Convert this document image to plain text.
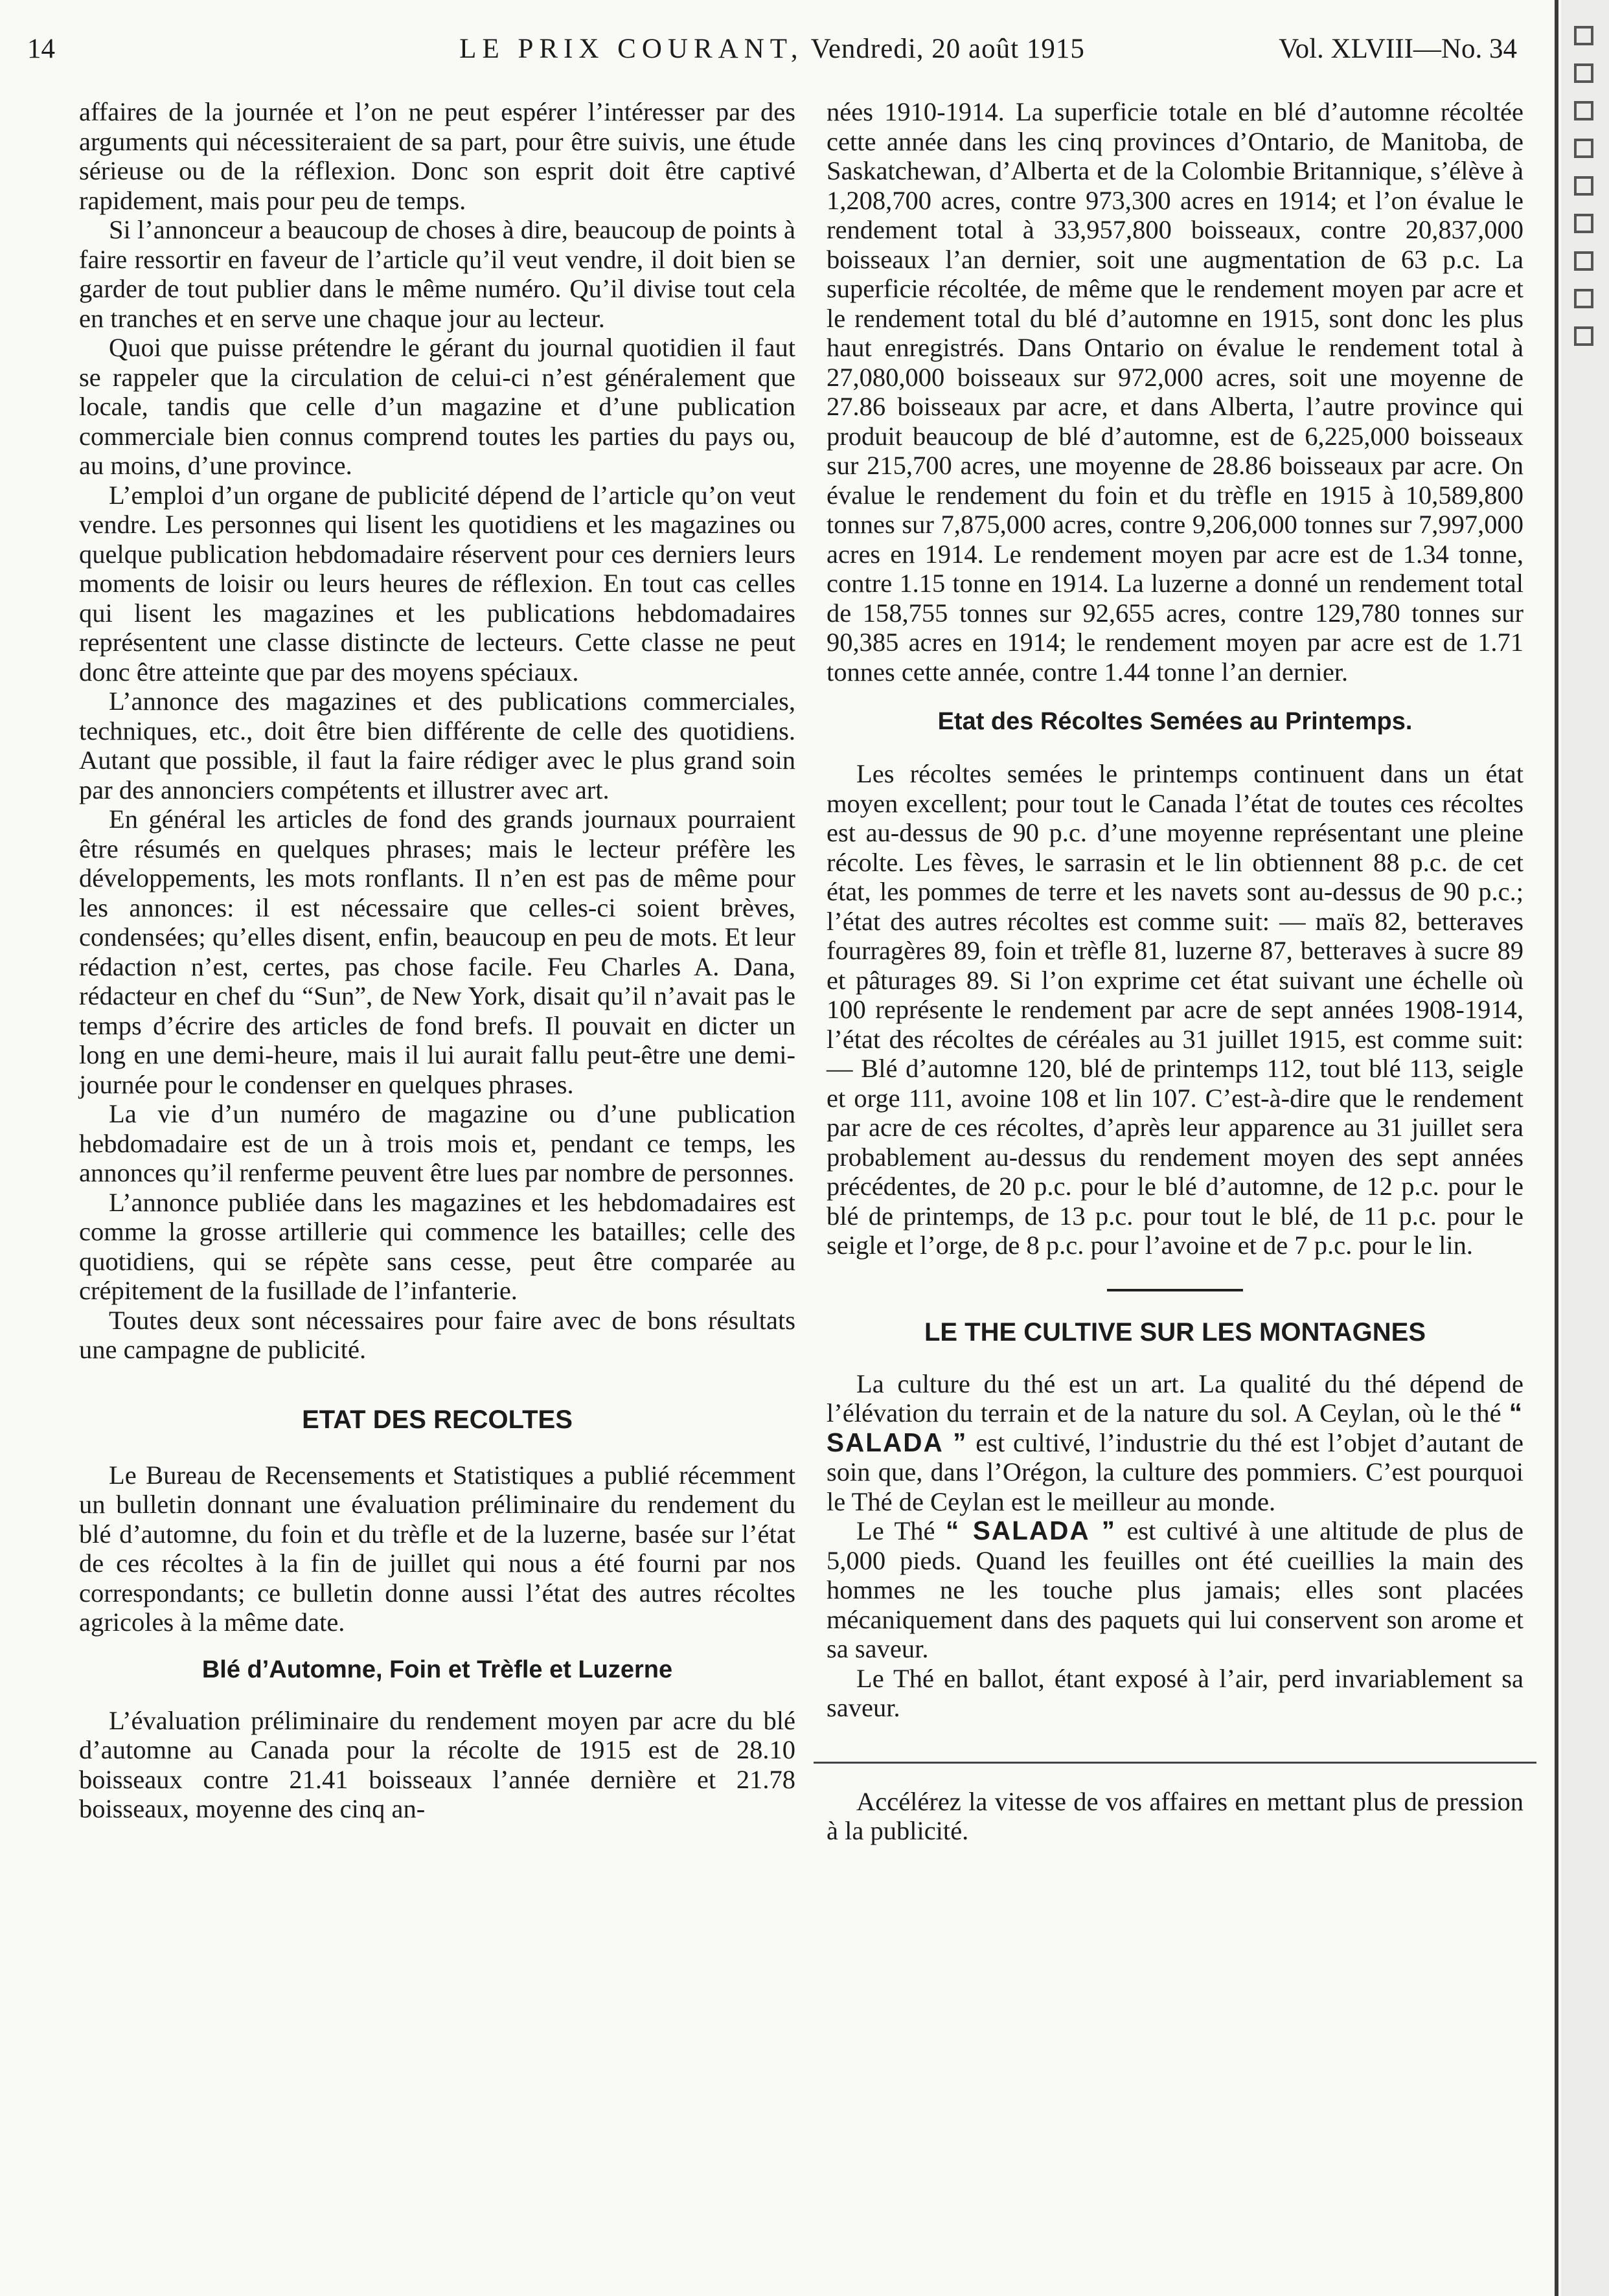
14	LE PRIX COURANT, Vendredi, 20 août 1915	Vol. XLVIII—No. 34

affaires de la journée et l’on ne peut espérer l’intéresser par des arguments qui nécessiteraient de sa part, pour être suivis, une étude sérieuse ou de la réflexion. Donc son esprit doit être captivé rapidement, mais pour peu de temps.

Si l’annonceur a beaucoup de choses à dire, beaucoup de points à faire ressortir en faveur de l’article qu’il veut vendre, il doit bien se garder de tout publier dans le même numéro. Qu’il divise tout cela en tranches et en serve une chaque jour au lecteur.

Quoi que puisse prétendre le gérant du journal quotidien il faut se rappeler que la circulation de celui-ci n’est généralement que locale, tandis que celle d’un magazine et d’une publication commerciale bien connus comprend toutes les parties du pays ou, au moins, d’une province.

L’emploi d’un organe de publicité dépend de l’article qu’on veut vendre. Les personnes qui lisent les quotidiens et les magazines ou quelque publication hebdomadaire réservent pour ces derniers leurs moments de loisir ou leurs heures de réflexion. En tout cas celles qui lisent les magazines et les publications hebdomadaires représentent une classe distincte de lecteurs. Cette classe ne peut donc être atteinte que par des moyens spéciaux.

L’annonce des magazines et des publications commerciales, techniques, etc., doit être bien différente de celle des quotidiens. Autant que possible, il faut la faire rédiger avec le plus grand soin par des annonciers compétents et illustrer avec art.

En général les articles de fond des grands journaux pourraient être résumés en quelques phrases; mais le lecteur préfère les développements, les mots ronflants. Il n’en est pas de même pour les annonces: il est nécessaire que celles-ci soient brèves, condensées; qu’elles disent, enfin, beaucoup en peu de mots. Et leur rédaction n’est, certes, pas chose facile. Feu Charles A. Dana, rédacteur en chef du “Sun”, de New York, disait qu’il n’avait pas le temps d’écrire des articles de fond brefs. Il pouvait en dicter un long en une demi-heure, mais il lui aurait fallu peut-être une demi-journée pour le condenser en quelques phrases.

La vie d’un numéro de magazine ou d’une publication hebdomadaire est de un à trois mois et, pendant ce temps, les annonces qu’il renferme peuvent être lues par nombre de personnes.

L’annonce publiée dans les magazines et les hebdomadaires est comme la grosse artillerie qui commence les batailles; celle des quotidiens, qui se répète sans cesse, peut être comparée au crépitement de la fusillade de l’infanterie.

Toutes deux sont nécessaires pour faire avec de bons résultats une campagne de publicité.

ETAT DES RECOLTES

Le Bureau de Recensements et Statistiques a publié récemment un bulletin donnant une évaluation préliminaire du rendement du blé d’automne, du foin et du trèfle et de la luzerne, basée sur l’état de ces récoltes à la fin de juillet qui nous a été fourni par nos correspondants; ce bulletin donne aussi l’état des autres récoltes agricoles à la même date.

Blé d’Automne, Foin et Trèfle et Luzerne

L’évaluation préliminaire du rendement moyen par acre du blé d’automne au Canada pour la récolte de 1915 est de 28.10 boisseaux contre 21.41 boisseaux l’année dernière et 21.78 boisseaux, moyenne des cinq an-

nées 1910-1914. La superficie totale en blé d’automne récoltée cette année dans les cinq provinces d’Ontario, de Manitoba, de Saskatchewan, d’Alberta et de la Colombie Britannique, s’élève à 1,208,700 acres, contre 973,300 acres en 1914; et l’on évalue le rendement total à 33,957,800 boisseaux, contre 20,837,000 boisseaux l’an dernier, soit une augmentation de 63 p.c. La superficie récoltée, de même que le rendement moyen par acre et le rendement total du blé d’automne en 1915, sont donc les plus haut enregistrés. Dans Ontario on évalue le rendement total à 27,080,000 boisseaux sur 972,000 acres, soit une moyenne de 27.86 boisseaux par acre, et dans Alberta, l’autre province qui produit beaucoup de blé d’automne, est de 6,225,000 boisseaux sur 215,700 acres, une moyenne de 28.86 boisseaux par acre. On évalue le rendement du foin et du trèfle en 1915 à 10,589,800 tonnes sur 7,875,000 acres, contre 9,206,000 tonnes sur 7,997,000 acres en 1914. Le rendement moyen par acre est de 1.34 tonne, contre 1.15 tonne en 1914. La luzerne a donné un rendement total de 158,755 tonnes sur 92,655 acres, contre 129,780 tonnes sur 90,385 acres en 1914; le rendement moyen par acre est de 1.71 tonnes cette année, contre 1.44 tonne l’an dernier.

Etat des Récoltes Semées au Printemps.

Les récoltes semées le printemps continuent dans un état moyen excellent; pour tout le Canada l’état de toutes ces récoltes est au-dessus de 90 p.c. d’une moyenne représentant une pleine récolte. Les fèves, le sarrasin et le lin obtiennent 88 p.c. de cet état, les pommes de terre et les navets sont au-dessus de 90 p.c.; l’état des autres récoltes est comme suit: — maïs 82, betteraves fourragères 89, foin et trèfle 81, luzerne 87, betteraves à sucre 89 et pâturages 89. Si l’on exprime cet état suivant une échelle où 100 représente le rendement par acre de sept années 1908-1914, l’état des récoltes de céréales au 31 juillet 1915, est comme suit:— Blé d’automne 120, blé de printemps 112, tout blé 113, seigle et orge 111, avoine 108 et lin 107. C’est-à-dire que le rendement par acre de ces récoltes, d’après leur apparence au 31 juillet sera probablement au-dessus du rendement moyen des sept années précédentes, de 20 p.c. pour le blé d’automne, de 12 p.c. pour le blé de printemps, de 13 p.c. pour tout le blé, de 11 p.c. pour le seigle et l’orge, de 8 p.c. pour l’avoine et de 7 p.c. pour le lin.

LE THE CULTIVE SUR LES MONTAGNES

La culture du thé est un art. La qualité du thé dépend de l’élévation du terrain et de la nature du sol. A Ceylan, où le thé “ SALADA ” est cultivé, l’industrie du thé est l’objet d’autant de soin que, dans l’Orégon, la culture des pommiers. C’est pourquoi le Thé de Ceylan est le meilleur au monde.

Le Thé “ SALADA ” est cultivé à une altitude de plus de 5,000 pieds. Quand les feuilles ont été cueillies la main des hommes ne les touche plus jamais; elles sont placées mécaniquement dans des paquets qui lui conservent son arome et sa saveur.

Le Thé en ballot, étant exposé à l’air, perd invariablement sa saveur.

Accélérez la vitesse de vos affaires en mettant plus de pression à la publicité.
